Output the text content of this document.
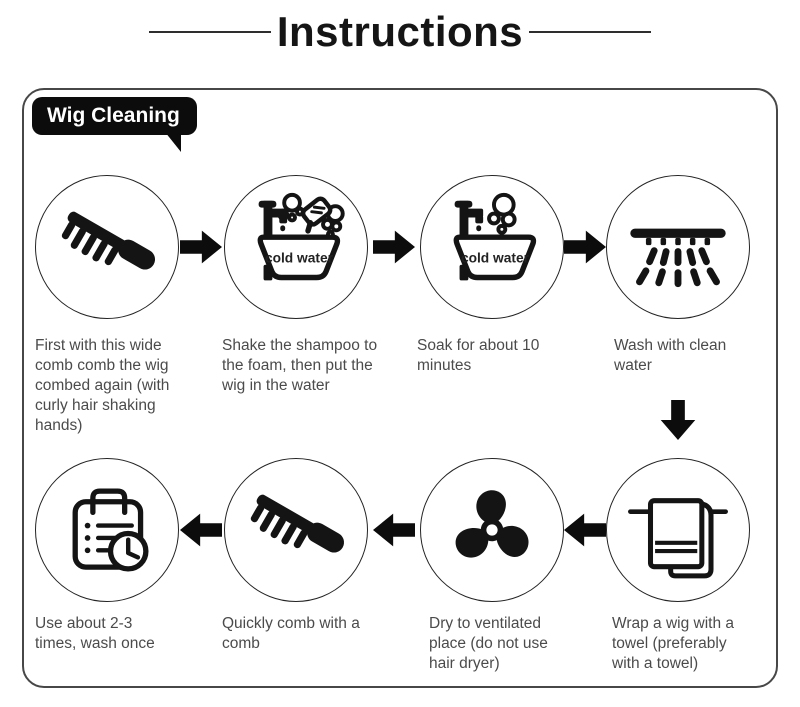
Instructions
Wig Cleaning
cold water	cold water
First with this wide comb comb the wig combed again (with curly hair shaking hands)
Shake the shampoo to the foam, then put the wig in the water
Soak for about 10 minutes
Wash with clean water
Use about 2-3 times, wash once
Quickly comb with a comb
Dry to ventilated place (do not use hair dryer)
Wrap a wig with a towel (preferably with a towel)
